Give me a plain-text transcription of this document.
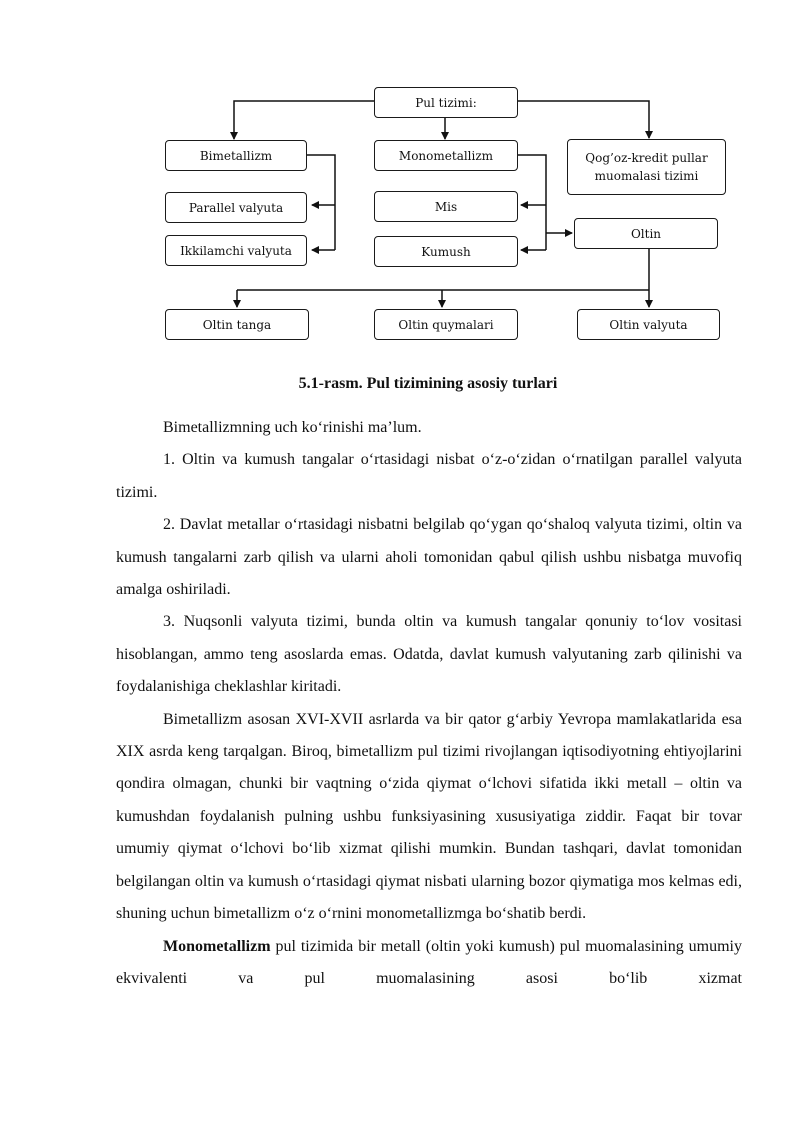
Pul tizimi:
Bimetallizm	Monometallizm	Qog’oz-kredit pullar muomalasi tizimi
Parallel valyuta
Ikkilamchi valyuta
Mis
Kumush
Oltin
Oltin tanga	Oltin quymalari	Oltin valyuta
5.1-rasm. Pul tizimining asosiy turlari

Bimetallizmning uch ko‘rinishi ma’lum.

1. Oltin va kumush tangalar o‘rtasidagi nisbat o‘z-o‘zidan o‘rnatilgan parallel valyuta tizimi.

2. Davlat metallar o‘rtasidagi nisbatni belgilab qo‘ygan qo‘shaloq valyuta tizimi, oltin va kumush tangalarni zarb qilish va ularni aholi tomonidan qabul qilish ushbu nisbatga muvofiq amalga oshiriladi.

3. Nuqsonli valyuta tizimi, bunda oltin va kumush tangalar qonuniy to‘lov vositasi hisoblangan, ammo teng asoslarda emas. Odatda, davlat kumush valyutaning zarb qilinishi va foydalanishiga cheklashlar kiritadi.

Bimetallizm asosan XVI-XVII asrlarda va bir qator g‘arbiy Yevropa mamlakatlarida esa XIX asrda keng tarqalgan. Biroq, bimetallizm pul tizimi rivojlangan iqtisodiyotning ehtiyojlarini qondira olmagan, chunki bir vaqtning o‘zida qiymat o‘lchovi sifatida ikki metall – oltin va kumushdan foydalanish pulning ushbu funksiyasining xususiyatiga ziddir. Faqat bir tovar umumiy qiymat o‘lchovi bo‘lib xizmat qilishi mumkin. Bundan tashqari, davlat tomonidan belgilangan oltin va kumush o‘rtasidagi qiymat nisbati ularning bozor qiymatiga mos kelmas edi, shuning uchun bimetallizm o‘z o‘rnini monometallizmga bo‘shatib berdi.

Monometallizm pul tizimida bir metall (oltin yoki kumush) pul muomalasining umumiy ekvivalenti va pul muomalasining asosi bo‘lib xizmat
